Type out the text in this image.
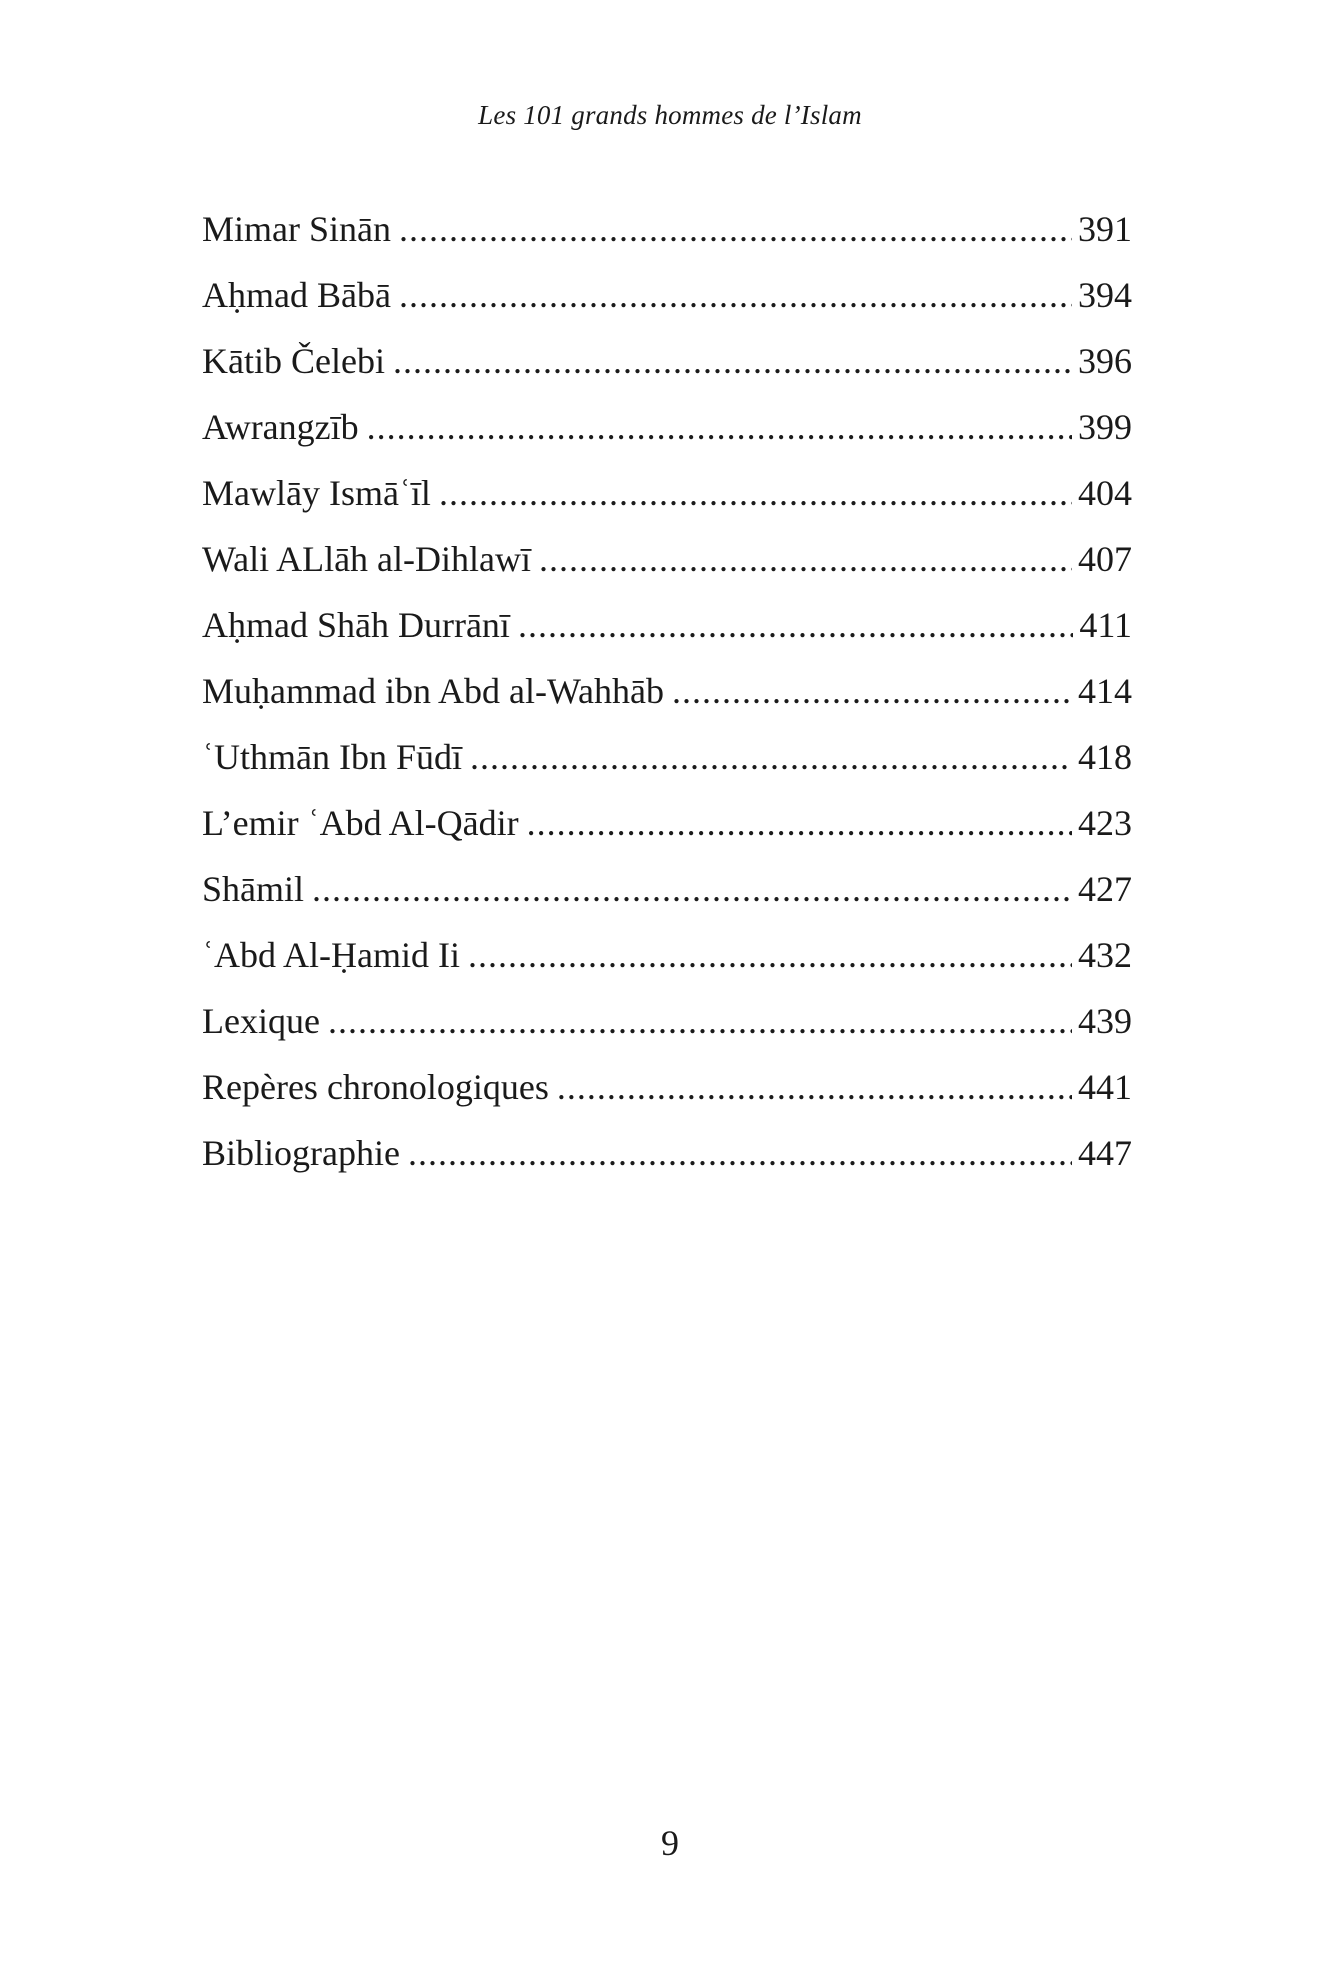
Les 101 grands hommes de l’Islam
Mimar Sinān .....	391
Aḥmad Bābā .....	394
Kātib Čelebi .....	396
Awrangzīb .....	399
Mawlāy Ismāʿīl .....	404
Wali ALlāh al-Dihlawī .....	407
Aḥmad Shāh Durrānī .....	411
Muḥammad ibn Abd al-Wahhāb .....	414
ʿUthmān Ibn Fūdī .....	418
L’emir ʿAbd Al-Qādir .....	423
Shāmil .....	427
ʿAbd Al-Ḥamid Ii .....	432
Lexique .....	439
Repères chronologiques .....	441
Bibliographie .....	447
9
